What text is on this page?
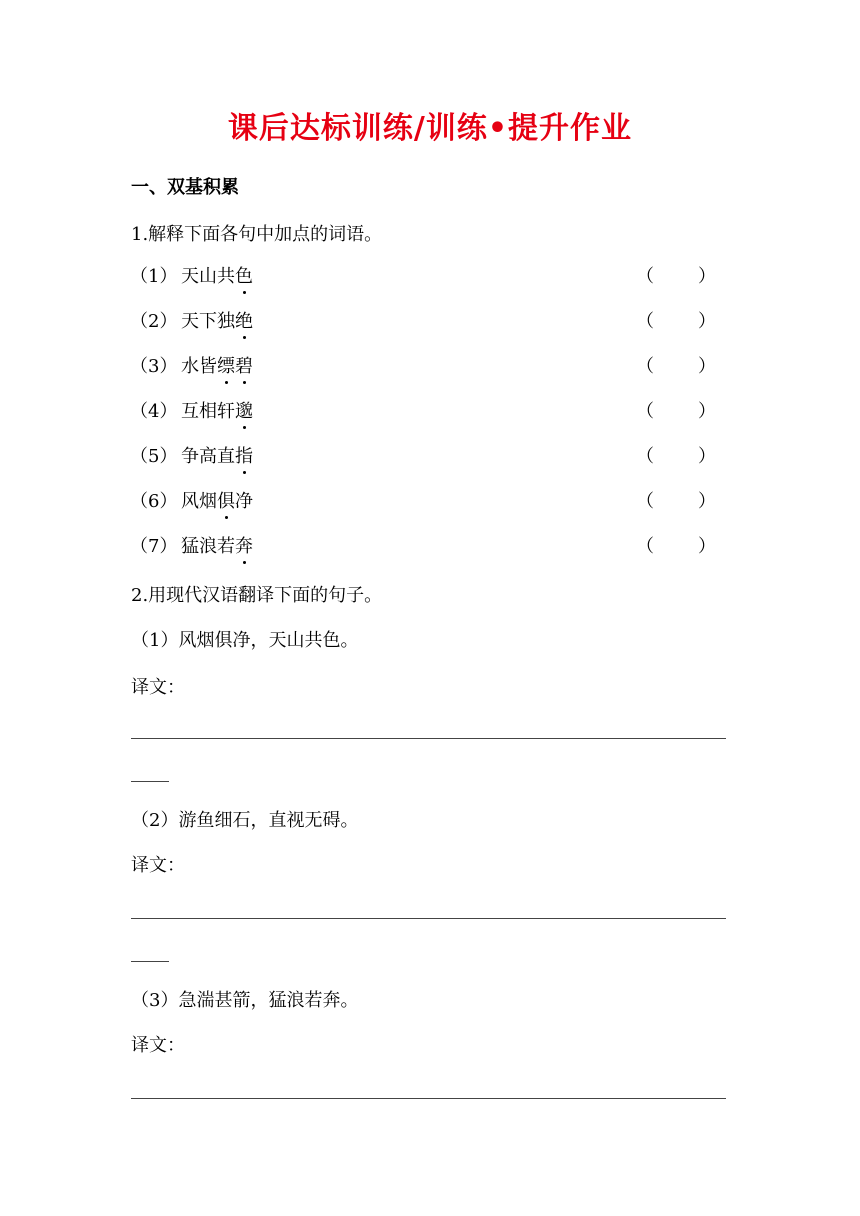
课后达标训练/训练•提升作业
一、双基积累
1.解释下面各句中加点的词语。
（1） 天山共色	（ ）
（2） 天下独绝	（ ）
（3） 水皆缥碧	（ ）
（4） 互相轩邈	（ ）
（5） 争高直指	（ ）
（6） 风烟俱净	（ ）
（7） 猛浪若奔	（ ）
2.用现代汉语翻译下面的句子。
（1）风烟俱净，天山共色。
译文：
（2）游鱼细石，直视无碍。
译文：
（3）急湍甚箭，猛浪若奔。
译文：
